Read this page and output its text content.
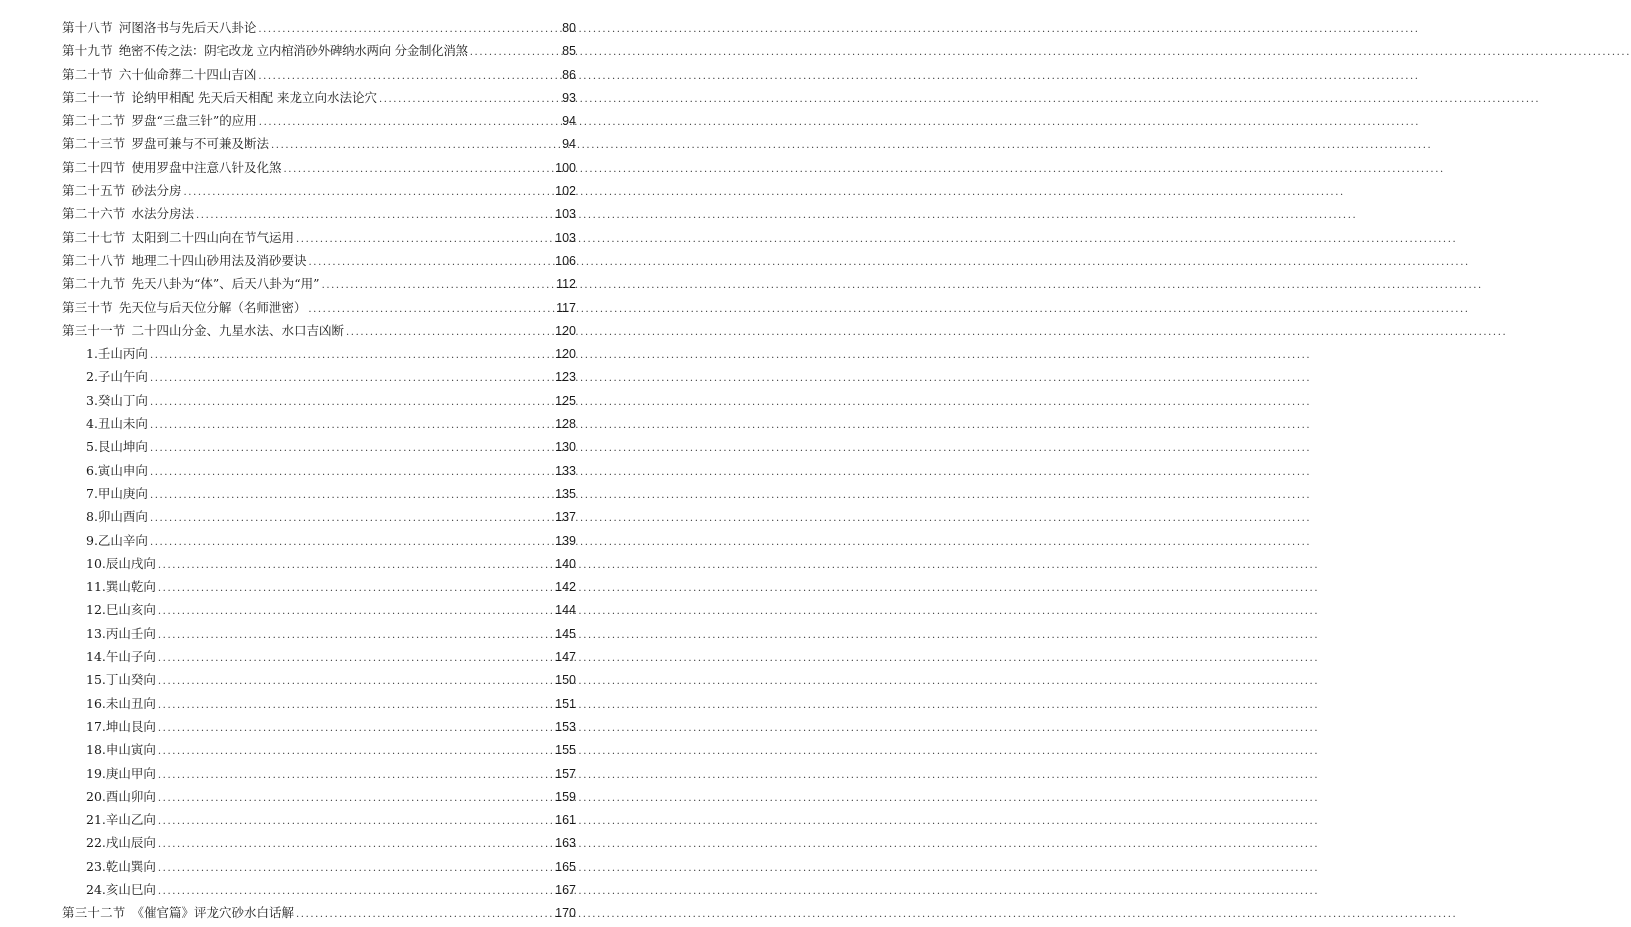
第十八节 河图洛书与先后天八卦论 .....	80
第十九节 绝密不传之法：阴宅改龙 立内棺消砂外碑纳水两向 分金制化消煞 .....	85
第二十节 六十仙命葬二十四山吉凶 .....	86
第二十一节 论纳甲相配 先天后天相配 来龙立向水法论穴 .....	93
第二十二节 罗盘“三盘三针”的应用 .....	94
第二十三节 罗盘可兼与不可兼及断法 .....	94
第二十四节 使用罗盘中注意八针及化煞 .....	100
第二十五节 砂法分房 .....	102
第二十六节 水法分房法 .....	103
第二十七节 太阳到二十四山向在节气运用 .....	103
第二十八节 地理二十四山砂用法及消砂要诀 .....	106
第二十九节 先天八卦为“体”、后天八卦为“用” .....	112
第三十节 先天位与后天位分解（名师泄密） .....	117
第三十一节 二十四山分金、九星水法、水口吉凶断 .....	120
1.壬山丙向 .....	120
2.子山午向 .....	123
3.癸山丁向 .....	125
4.丑山未向 .....	128
5.艮山坤向 .....	130
6.寅山申向 .....	133
7.甲山庚向 .....	135
8.卯山酉向 .....	137
9.乙山辛向 .....	139
10.辰山戌向 .....	140
11.巽山乾向 .....	142
12.巳山亥向 .....	144
13.丙山壬向 .....	145
14.午山子向 .....	147
15.丁山癸向 .....	150
16.未山丑向 .....	151
17.坤山艮向 .....	153
18.申山寅向 .....	155
19.庚山甲向 .....	157
20.酉山卯向 .....	159
21.辛山乙向 .....	161
22.戌山辰向 .....	163
23.乾山巽向 .....	165
24.亥山巳向 .....	167
第三十二节 《催官篇》评龙穴砂水白话解 .....	170
